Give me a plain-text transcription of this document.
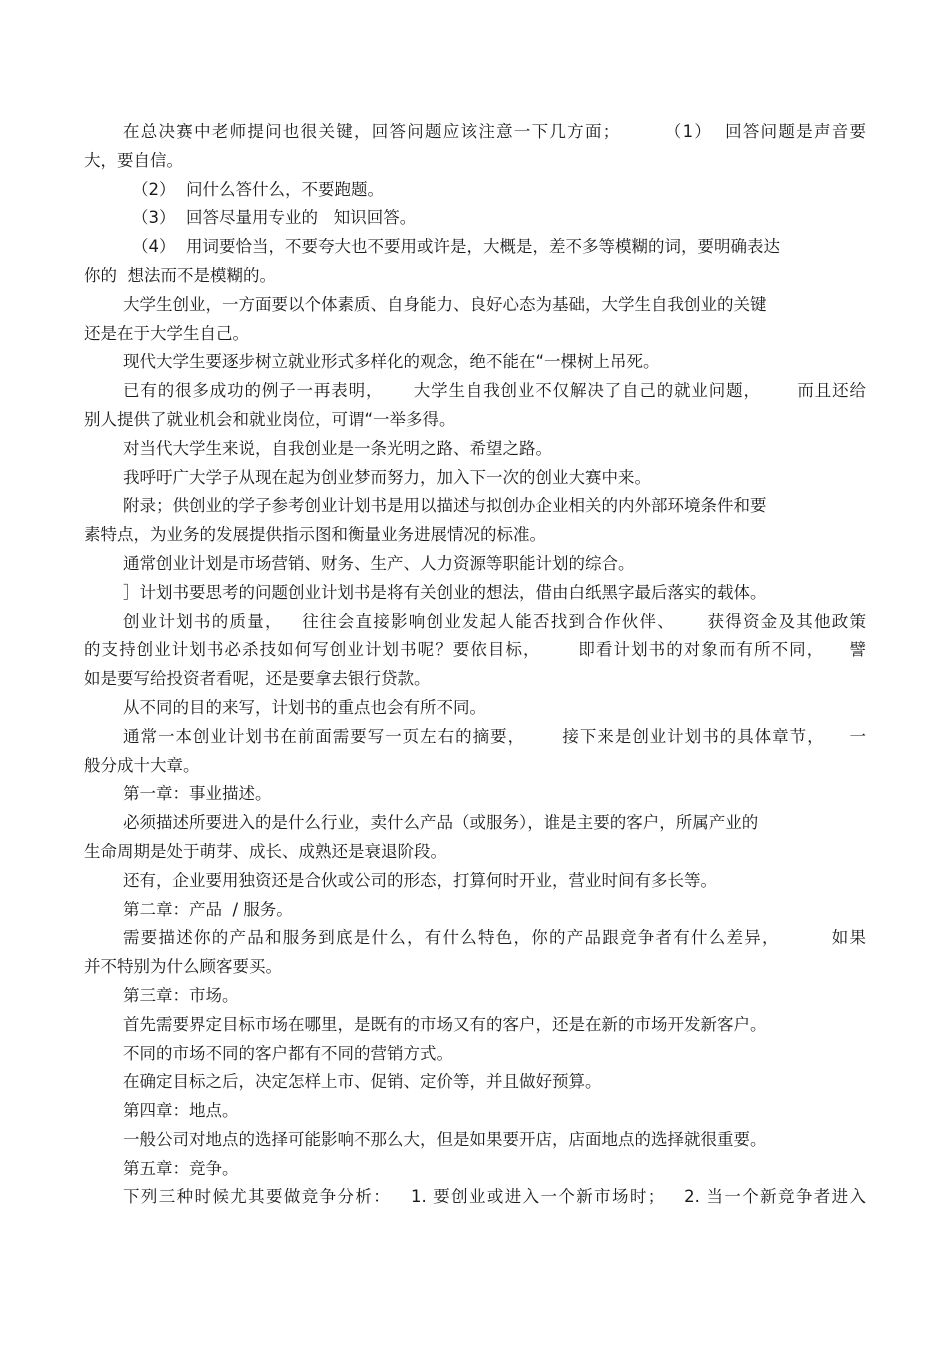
在总决赛中老师提问也很关键，回答问题应该注意一下几方面；       （1）  回答问题是声音要
大，要自信。
（2）  问什么答什么，不要跑题。
（3）  回答尽量用专业的   知识回答。
（4）  用词要恰当，不要夸大也不要用或许是，大概是，差不多等模糊的词，要明确表达
你的  想法而不是模糊的。
大学生创业，一方面要以个体素质、自身能力、良好心态为基础，大学生自我创业的关键
还是在于大学生自己。
现代大学生要逐步树立就业形式多样化的观念，绝不能在“一棵树上吊死。
已有的很多成功的例子一再表明，     大学生自我创业不仅解决了自己的就业问题，      而且还给
别人提供了就业机会和就业岗位，可谓“一举多得。
对当代大学生来说，自我创业是一条光明之路、希望之路。
我呼吁广大学子从现在起为创业梦而努力，加入下一次的创业大赛中来。
附录；供创业的学子参考创业计划书是用以描述与拟创办企业相关的内外部环境条件和要
素特点，为业务的发展提供指示图和衡量业务进展情况的标准。
通常创业计划是市场营销、财务、生产、人力资源等职能计划的综合。
］计划书要思考的问题创业计划书是将有关创业的想法，借由白纸黑字最后落实的载体。
创业计划书的质量，   往往会直接影响创业发起人能否找到合作伙伴、     获得资金及其他政策
的支持创业计划书必杀技如何写创业计划书呢？要依目标，      即看计划书的对象而有所不同，    譬
如是要写给投资者看呢，还是要拿去银行贷款。
从不同的目的来写，计划书的重点也会有所不同。
通常一本创业计划书在前面需要写一页左右的摘要，      接下来是创业计划书的具体章节，    一
般分成十大章。
第一章：事业描述。
必须描述所要进入的是什么行业，卖什么产品（或服务），谁是主要的客户，所属产业的
生命周期是处于萌芽、成长、成熟还是衰退阶段。
还有，企业要用独资还是合伙或公司的形态，打算何时开业，营业时间有多长等。
第二章：产品  / 服务。
需要描述你的产品和服务到底是什么，有什么特色，你的产品跟竞争者有什么差异，        如果
并不特别为什么顾客要买。
第三章：市场。
首先需要界定目标市场在哪里，是既有的市场又有的客户，还是在新的市场开发新客户。
不同的市场不同的客户都有不同的营销方式。
在确定目标之后，决定怎样上市、促销、定价等，并且做好预算。
第四章：地点。
一般公司对地点的选择可能影响不那么大，但是如果要开店，店面地点的选择就很重要。
第五章：竞争。
下列三种时候尤其要做竞争分析：   1. 要创业或进入一个新市场时；   2. 当一个新竞争者进入
